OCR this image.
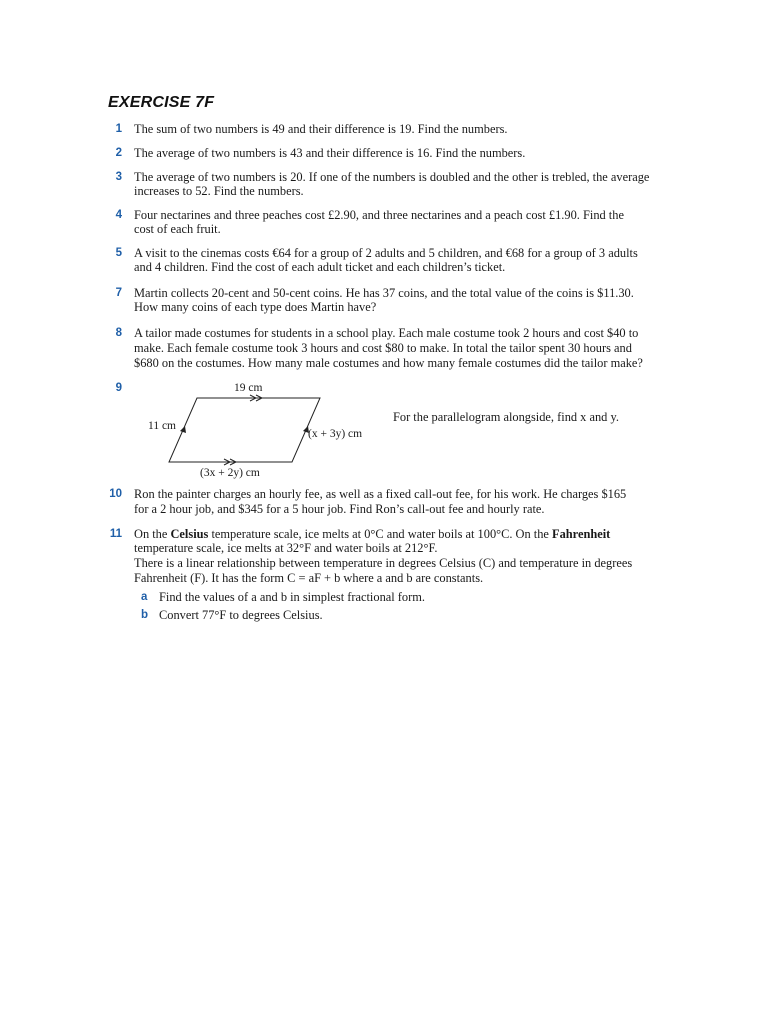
EXERCISE 7F
1 The sum of two numbers is 49 and their difference is 19. Find the numbers.
2 The average of two numbers is 43 and their difference is 16. Find the numbers.
3 The average of two numbers is 20. If one of the numbers is doubled and the other is trebled, the average
increases to 52. Find the numbers.
4 Four nectarines and three peaches cost £2.90, and three nectarines and a peach cost £1.90. Find the
cost of each fruit.
5 A visit to the cinemas costs €64 for a group of 2 adults and 5 children, and €68 for a group of 3 adults
and 4 children. Find the cost of each adult ticket and each children’s ticket.
7 Martin collects 20-cent and 50-cent coins. He has 37 coins, and the total value of the coins is $11.30.
How many coins of each type does Martin have?
8 A tailor made costumes for students in a school play. Each male costume took 2 hours and cost $40 to
make. Each female costume took 3 hours and cost $80 to make. In total the tailor spent 30 hours and
$680 on the costumes. How many male costumes and how many female costumes did the tailor make?
9	19 cm
11 cm
(x + 3y) cm
(3x + 2y) cm
For the parallelogram alongside, find x and y.
10 Ron the painter charges an hourly fee, as well as a fixed call-out fee, for his work. He charges $165
for a 2 hour job, and $345 for a 5 hour job. Find Ron’s call-out fee and hourly rate.
11 On the Celsius temperature scale, ice melts at 0°C and water boils at 100°C. On the Fahrenheit
temperature scale, ice melts at 32°F and water boils at 212°F.
There is a linear relationship between temperature in degrees Celsius (C) and temperature in degrees
Fahrenheit (F). It has the form C = aF + b where a and b are constants.
a Find the values of a and b in simplest fractional form.
b Convert 77°F to degrees Celsius.
